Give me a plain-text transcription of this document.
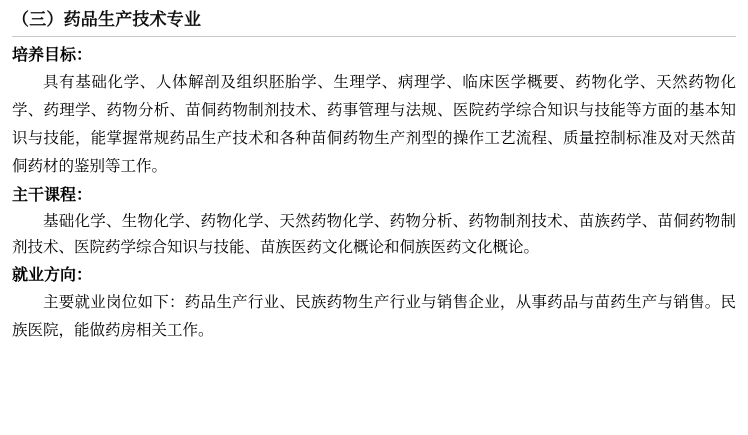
（三）药品生产技术专业

培养目标：

具有基础化学、人体解剖及组织胚胎学、生理学、病理学、临床医学概要、药物化学、天然药物化学、药理学、药物分析、苗侗药物制剂技术、药事管理与法规、医院药学综合知识与技能等方面的基本知识与技能，能掌握常规药品生产技术和各种苗侗药物生产剂型的操作工艺流程、质量控制标准及对天然苗侗药材的鉴别等工作。

主干课程：

基础化学、生物化学、药物化学、天然药物化学、药物分析、药物制剂技术、苗族药学、苗侗药物制剂技术、医院药学综合知识与技能、苗族医药文化概论和侗族医药文化概论。

就业方向：

主要就业岗位如下：药品生产行业、民族药物生产行业与销售企业，从事药品与苗药生产与销售。民族医院，能做药房相关工作。
